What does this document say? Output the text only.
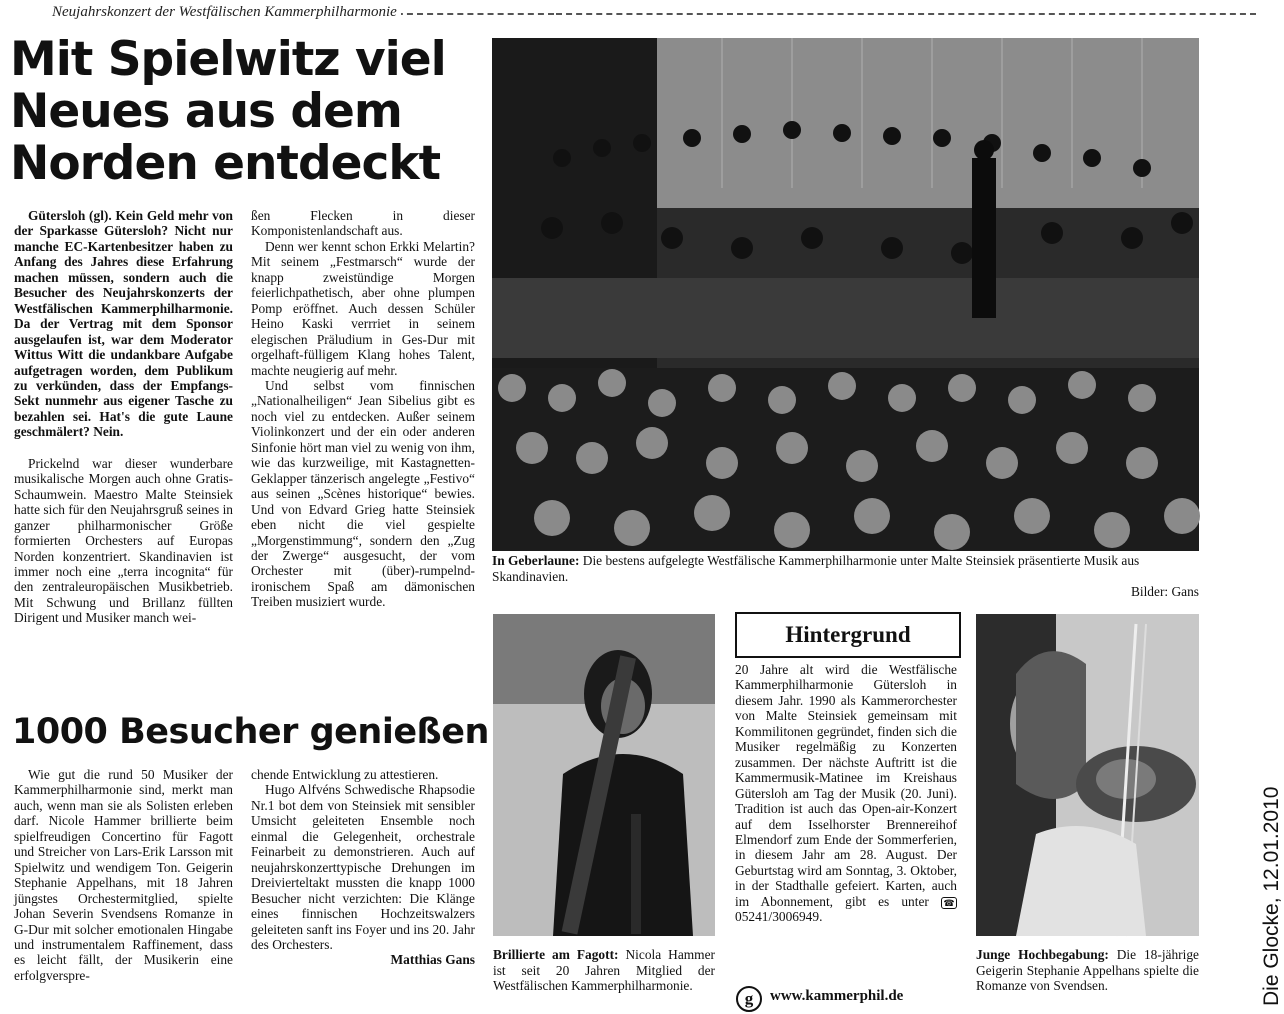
Neujahrskonzert der Westfälischen Kammerphilharmonie
Mit Spielwitz viel Neues aus dem Norden entdeckt

Gütersloh (gl). Kein Geld mehr von der Sparkasse Gütersloh? Nicht nur manche EC-Kartenbesitzer haben zu Anfang des Jahres diese Erfahrung machen müssen, sondern auch die Besucher des Neujahrskonzerts der Westfälischen Kammerphilharmonie. Da der Vertrag mit dem Sponsor ausgelaufen ist, war dem Moderator Wittus Witt die undankbare Aufgabe aufgetragen worden, dem Publikum zu verkünden, dass der Empfangs-Sekt nunmehr aus eigener Tasche zu bezahlen sei. Hat's die gute Laune geschmälert? Nein.

Prickelnd war dieser wunderbare musikalische Morgen auch ohne Gratis-Schaumwein. Maestro Malte Steinsiek hatte sich für den Neujahrsgruß seines in ganzer philharmonischer Größe formierten Orchesters auf Europas Norden konzentriert. Skandinavien ist immer noch eine „terra incognita“ für den zentraleuropäischen Musikbetrieb. Mit Schwung und Brillanz füllten Dirigent und Musiker manch wei-

ßen Flecken in dieser Komponistenlandschaft aus.

Denn wer kennt schon Erkki Melartin? Mit seinem „Festmarsch“ wurde der knapp zweistündige Morgen feierlichpathetisch, aber ohne plumpen Pomp eröffnet. Auch dessen Schüler Heino Kaski verrriet in seinem elegischen Präludium in Ges-Dur mit orgelhaft-fülligem Klang hohes Talent, machte neugierig auf mehr.

Und selbst vom finnischen „Nationalheiligen“ Jean Sibelius gibt es noch viel zu entdecken. Außer seinem Violinkonzert und der ein oder anderen Sinfonie hört man viel zu wenig von ihm, wie das kurzweilige, mit Kastagnetten-Geklapper tänzerisch angelegte „Festivo“ aus seinen „Scènes historique“ bewies. Und von Edvard Grieg hatte Steinsiek eben nicht die viel gespielte „Morgenstimmung“, sondern den „Zug der Zwerge“ ausgesucht, der vom Orchester mit (über)-rumpelnd-ironischem Spaß am dämonischen Treiben musiziert wurde.

1000 Besucher genießen

Wie gut die rund 50 Musiker der Kammerphilharmonie sind, merkt man auch, wenn man sie als Solisten erleben darf. Nicole Hammer brillierte beim spielfreudigen Concertino für Fagott und Streicher von Lars-Erik Larsson mit Spielwitz und wendigem Ton. Geigerin Stephanie Appelhans, mit 18 Jahren jüngstes Orchestermitglied, spielte Johan Severin Svendsens Romanze in G-Dur mit solcher emotionalen Hingabe und instrumentalem Raffinement, dass es leicht fällt, der Musikerin eine erfolgverspre-

chende Entwicklung zu attestieren.

Hugo Alfvéns Schwedische Rhapsodie Nr.1 bot dem von Steinsiek mit sensibler Umsicht geleiteten Ensemble noch einmal die Gelegenheit, orchestrale Feinarbeit zu demonstrieren. Auch auf neujahrskonzerttypische Drehungen im Dreivierteltakt mussten die knapp 1000 Besucher nicht verzichten: Die Klänge eines finnischen Hochzeitswalzers geleiteten sanft ins Foyer und ins 20. Jahr des Orchesters.

Matthias Gans

In Geberlaune: Die bestens aufgelegte Westfälische Kammerphilharmonie unter Malte Steinsiek präsentierte Musik aus Skandinavien.
Bilder: Gans
Brillierte am Fagott: Nicola Hammer ist seit 20 Jahren Mitglied der Westfälischen Kammerphilharmonie.
Hintergrund
20 Jahre alt wird die Westfälische Kammerphilharmonie Gütersloh in diesem Jahr. 1990 als Kammerorchester von Malte Steinsiek gemeinsam mit Kommilitonen gegründet, finden sich die Musiker regelmäßig zu Konzerten zusammen. Der nächste Auftritt ist die Kammermusik-Matinee im Kreishaus Gütersloh am Tag der Musik (20. Juni). Tradition ist auch das Open-air-Konzert auf dem Isselhorster Brennereihof Elmendorf zum Ende der Sommerferien, in diesem Jahr am 28. August. Der Geburtstag wird am Sonntag, 3. Oktober, in der Stadthalle gefeiert. Karten, auch im Abonnement, gibt es unter ☎ 05241/3006949.
g	www.kammerphil.de
Junge Hochbegabung: Die 18-jährige Geigerin Stephanie Appelhans spielte die Romanze von Svendsen.	Die Glocke, 12.01.2010
